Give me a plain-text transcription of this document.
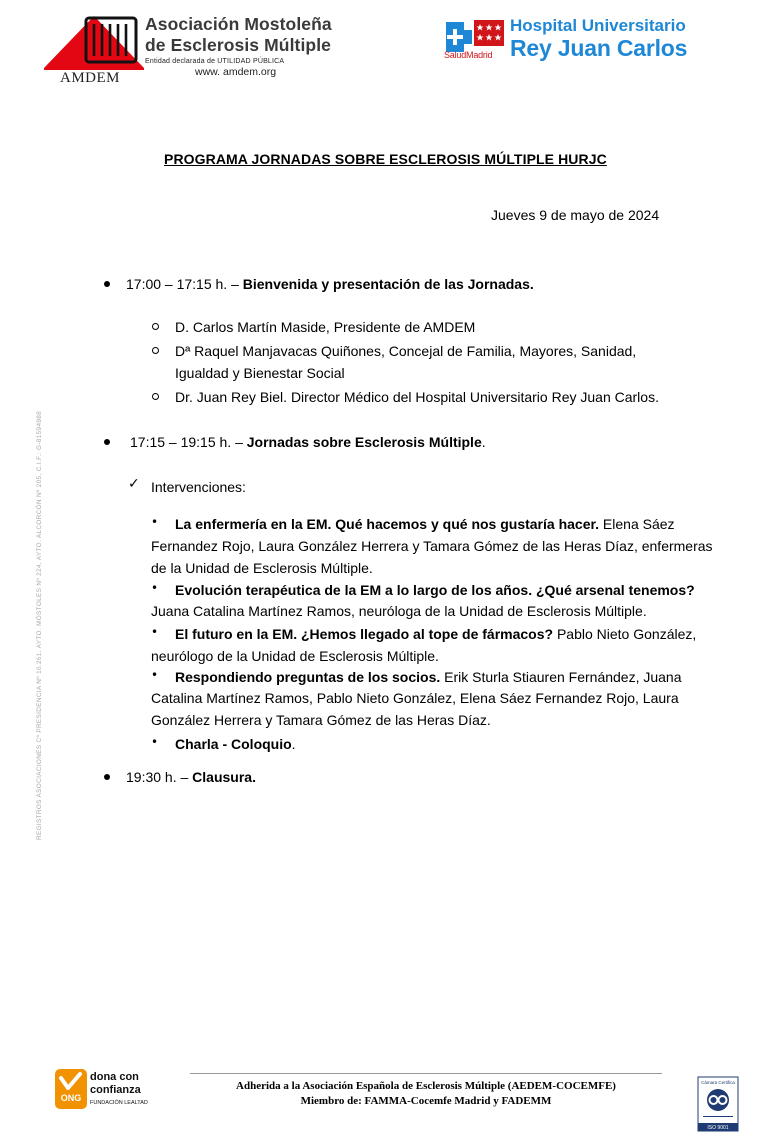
AMDEM
Asociación Mostoleña
de Esclerosis Múltiple
Entidad declarada de UTILIDAD PÚBLICA
www. amdem.org
SaludMadrid
Hospital Universitario
Rey Juan Carlos
REGISTROS ASOCIACIONES Cª PRESIDENCIA Nº 16.261, AYTO. MÓSTOLES Nº 224, AYTO. ALCORCÓN Nº 205, C.I.F.: G-81594988
PROGRAMA JORNADAS SOBRE ESCLEROSIS MÚLTIPLE HURJC
Jueves 9 de mayo de 2024
17:00 – 17:15 h. – Bienvenida y presentación de las Jornadas.
D. Carlos Martín Maside, Presidente de AMDEM
Dª Raquel Manjavacas Quiñones, Concejal de Familia, Mayores, Sanidad,
Igualdad y Bienestar Social
Dr. Juan Rey Biel. Director Médico del Hospital Universitario Rey Juan Carlos.
17:15 – 19:15 h. – Jornadas sobre Esclerosis Múltiple.
✓ Intervenciones:
• La enfermería en la EM. Qué hacemos y qué nos gustaría hacer. Elena Sáez
Fernandez Rojo, Laura González Herrera y Tamara Gómez de las Heras Díaz, enfermeras
de la Unidad de Esclerosis Múltiple.
• Evolución terapéutica de la EM a lo largo de los años. ¿Qué arsenal tenemos?
Juana Catalina Martínez Ramos, neuróloga de la Unidad de Esclerosis Múltiple.
• El futuro en la EM. ¿Hemos llegado al tope de fármacos? Pablo Nieto González,
neurólogo de la Unidad de Esclerosis Múltiple.
• Respondiendo preguntas de los socios. Erik Sturla Stiauren Fernández, Juana
Catalina Martínez Ramos, Pablo Nieto González, Elena Sáez Fernandez Rojo, Laura
González Herrera y Tamara Gómez de las Heras Díaz.
• Charla - Coloquio.
19:30 h. – Clausura.
ONG
dona con
confianza
FUNDACIÓN LEALTAD
Adherida a la Asociación Española de Esclerosis Múltiple (AEDEM-COCEMFE)
Miembro de: FAMMA-Cocemfe Madrid y FADEMM
Cámara Certifica
ISO 9001
